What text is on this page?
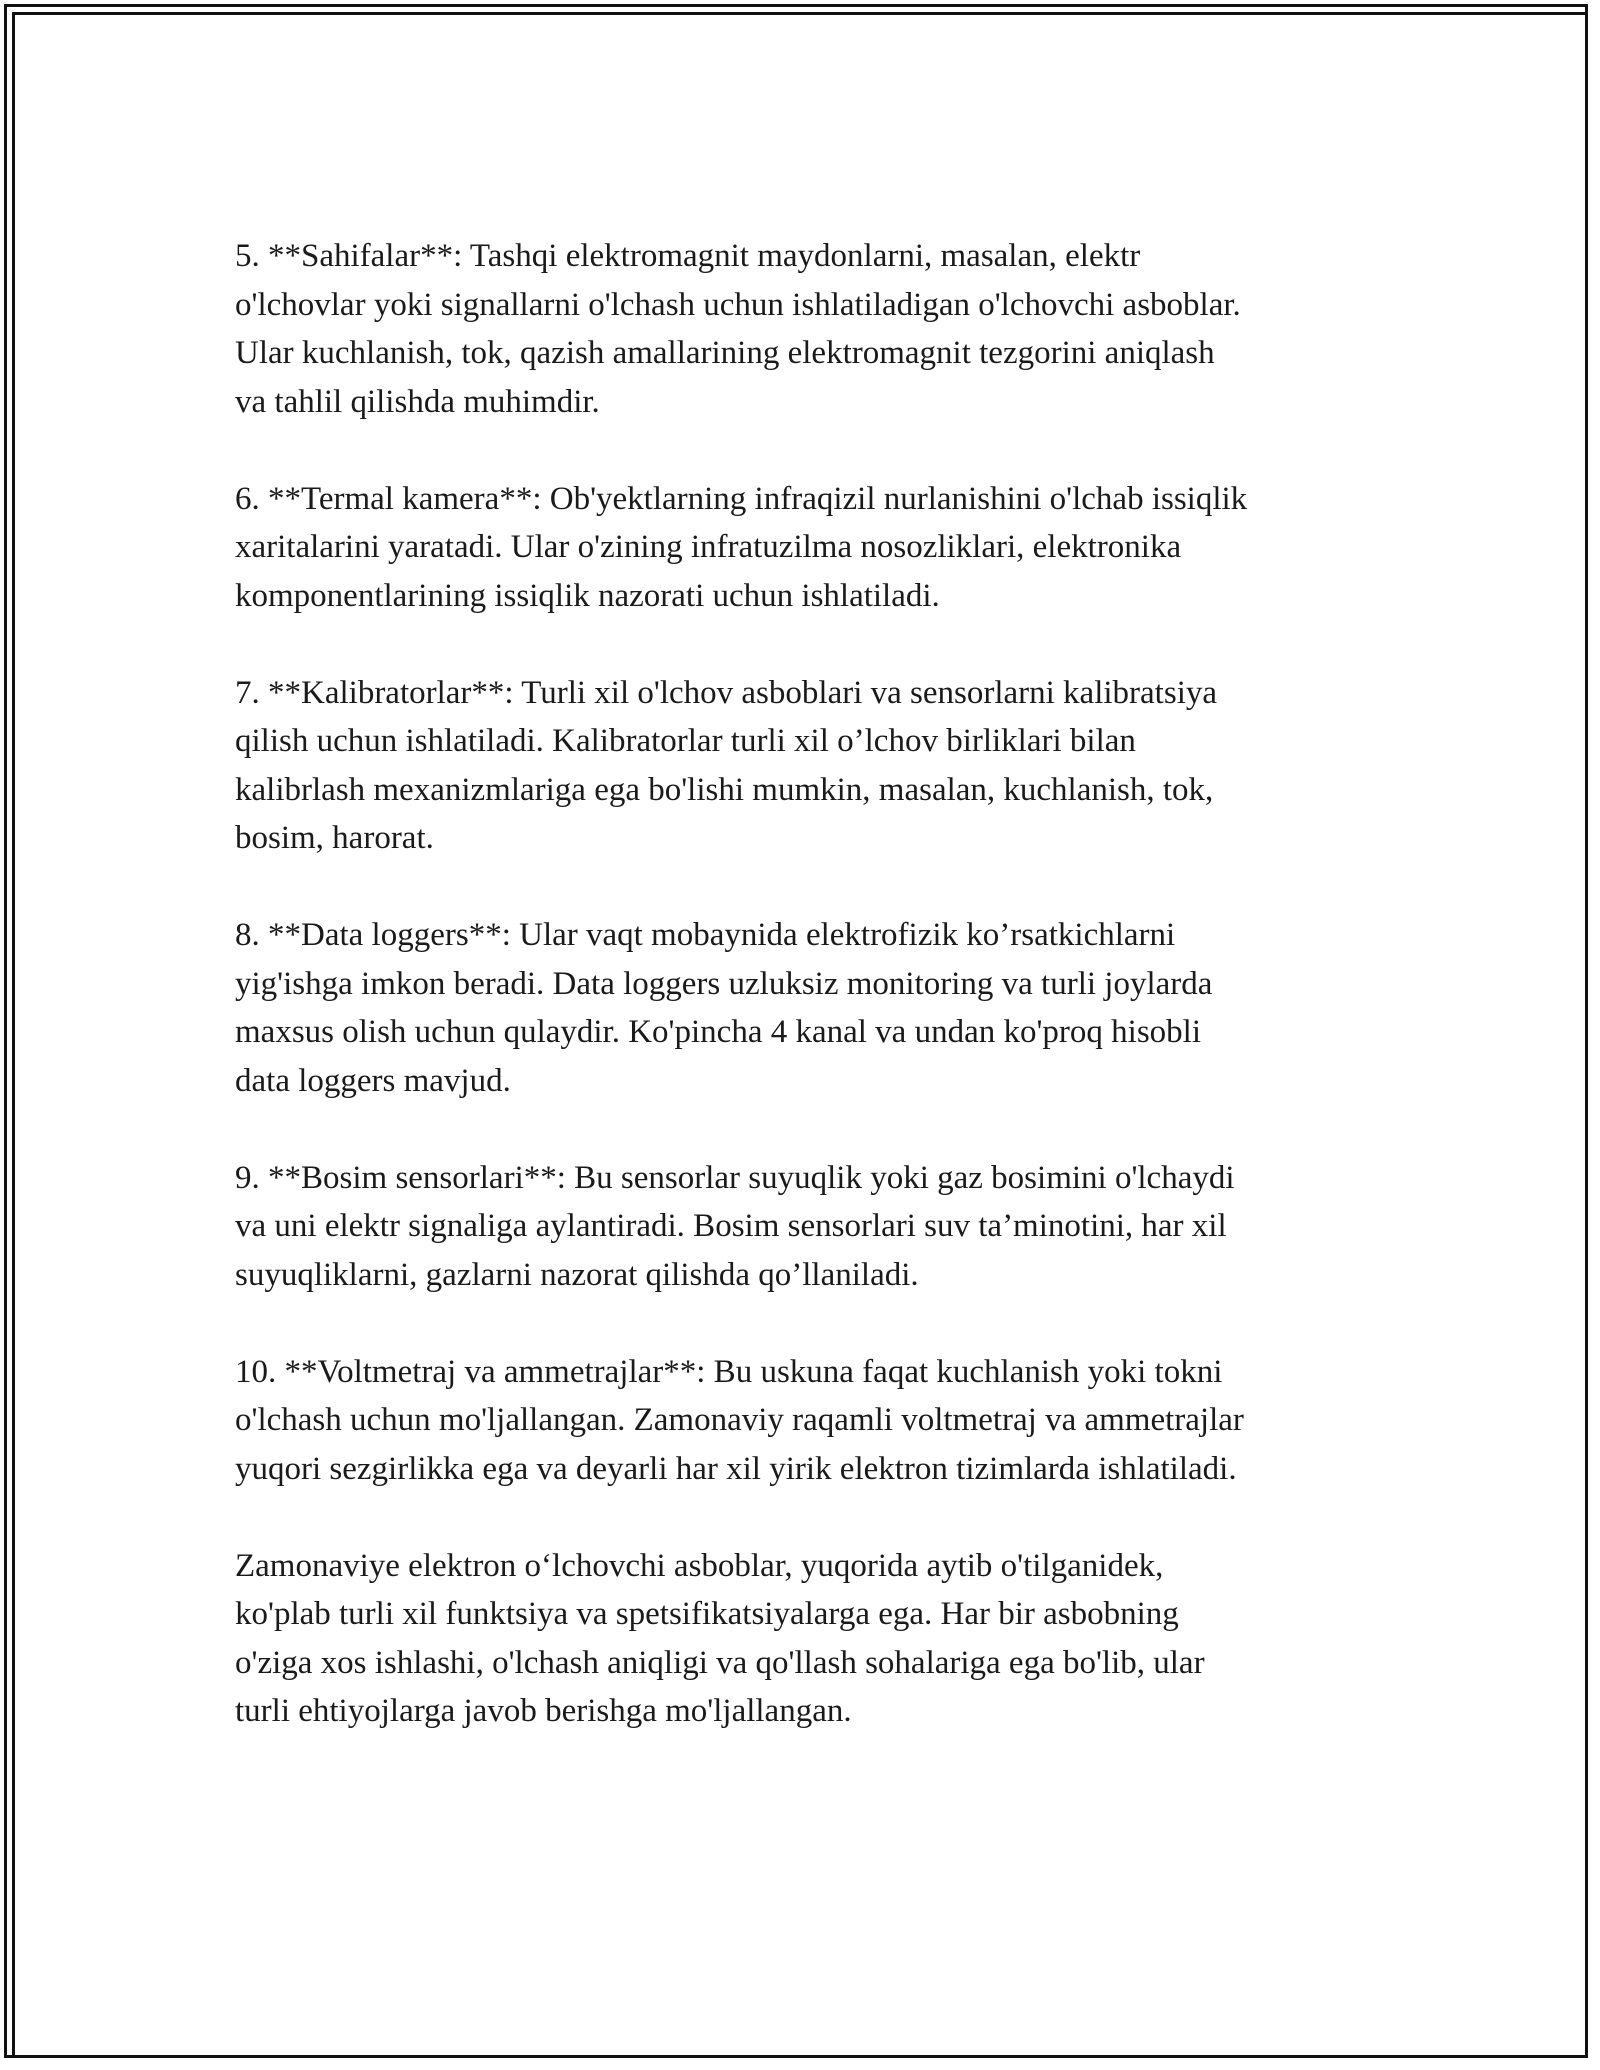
5. **Sahifalar**: Tashqi elektromagnit maydonlarni, masalan, elektr
o'lchovlar yoki signallarni o'lchash uchun ishlatiladigan o'lchovchi asboblar.
Ular kuchlanish, tok, qazish amallarining elektromagnit tezgorini aniqlash
va tahlil qilishda muhimdir.

6. **Termal kamera**: Ob'yektlarning infraqizil nurlanishini o'lchab issiqlik
xaritalarini yaratadi. Ular o'zining infratuzilma nosozliklari, elektronika
komponentlarining issiqlik nazorati uchun ishlatiladi.

7. **Kalibratorlar**: Turli xil o'lchov asboblari va sensorlarni kalibratsiya
qilish uchun ishlatiladi. Kalibratorlar turli xil o’lchov birliklari bilan
kalibrlash mexanizmlariga ega bo'lishi mumkin, masalan, kuchlanish, tok,
bosim, harorat.

8. **Data loggers**: Ular vaqt mobaynida elektrofizik ko’rsatkichlarni
yig'ishga imkon beradi. Data loggers uzluksiz monitoring va turli joylarda
maxsus olish uchun qulaydir. Ko'pincha 4 kanal va undan ko'proq hisobli
data loggers mavjud.

9. **Bosim sensorlari**: Bu sensorlar suyuqlik yoki gaz bosimini o'lchaydi
va uni elektr signaliga aylantiradi. Bosim sensorlari suv ta’minotini, har xil
suyuqliklarni, gazlarni nazorat qilishda qo’llaniladi.

10. **Voltmetraj va ammetrajlar**: Bu uskuna faqat kuchlanish yoki tokni
o'lchash uchun mo'ljallangan. Zamonaviy raqamli voltmetraj va ammetrajlar
yuqori sezgirlikka ega va deyarli har xil yirik elektron tizimlarda ishlatiladi.

Zamonaviye elektron o‘lchovchi asboblar, yuqorida aytib o'tilganidek,
ko'plab turli xil funktsiya va spetsifikatsiyalarga ega. Har bir asbobning
o'ziga xos ishlashi, o'lchash aniqligi va qo'llash sohalariga ega bo'lib, ular
turli ehtiyojlarga javob berishga mo'ljallangan.
